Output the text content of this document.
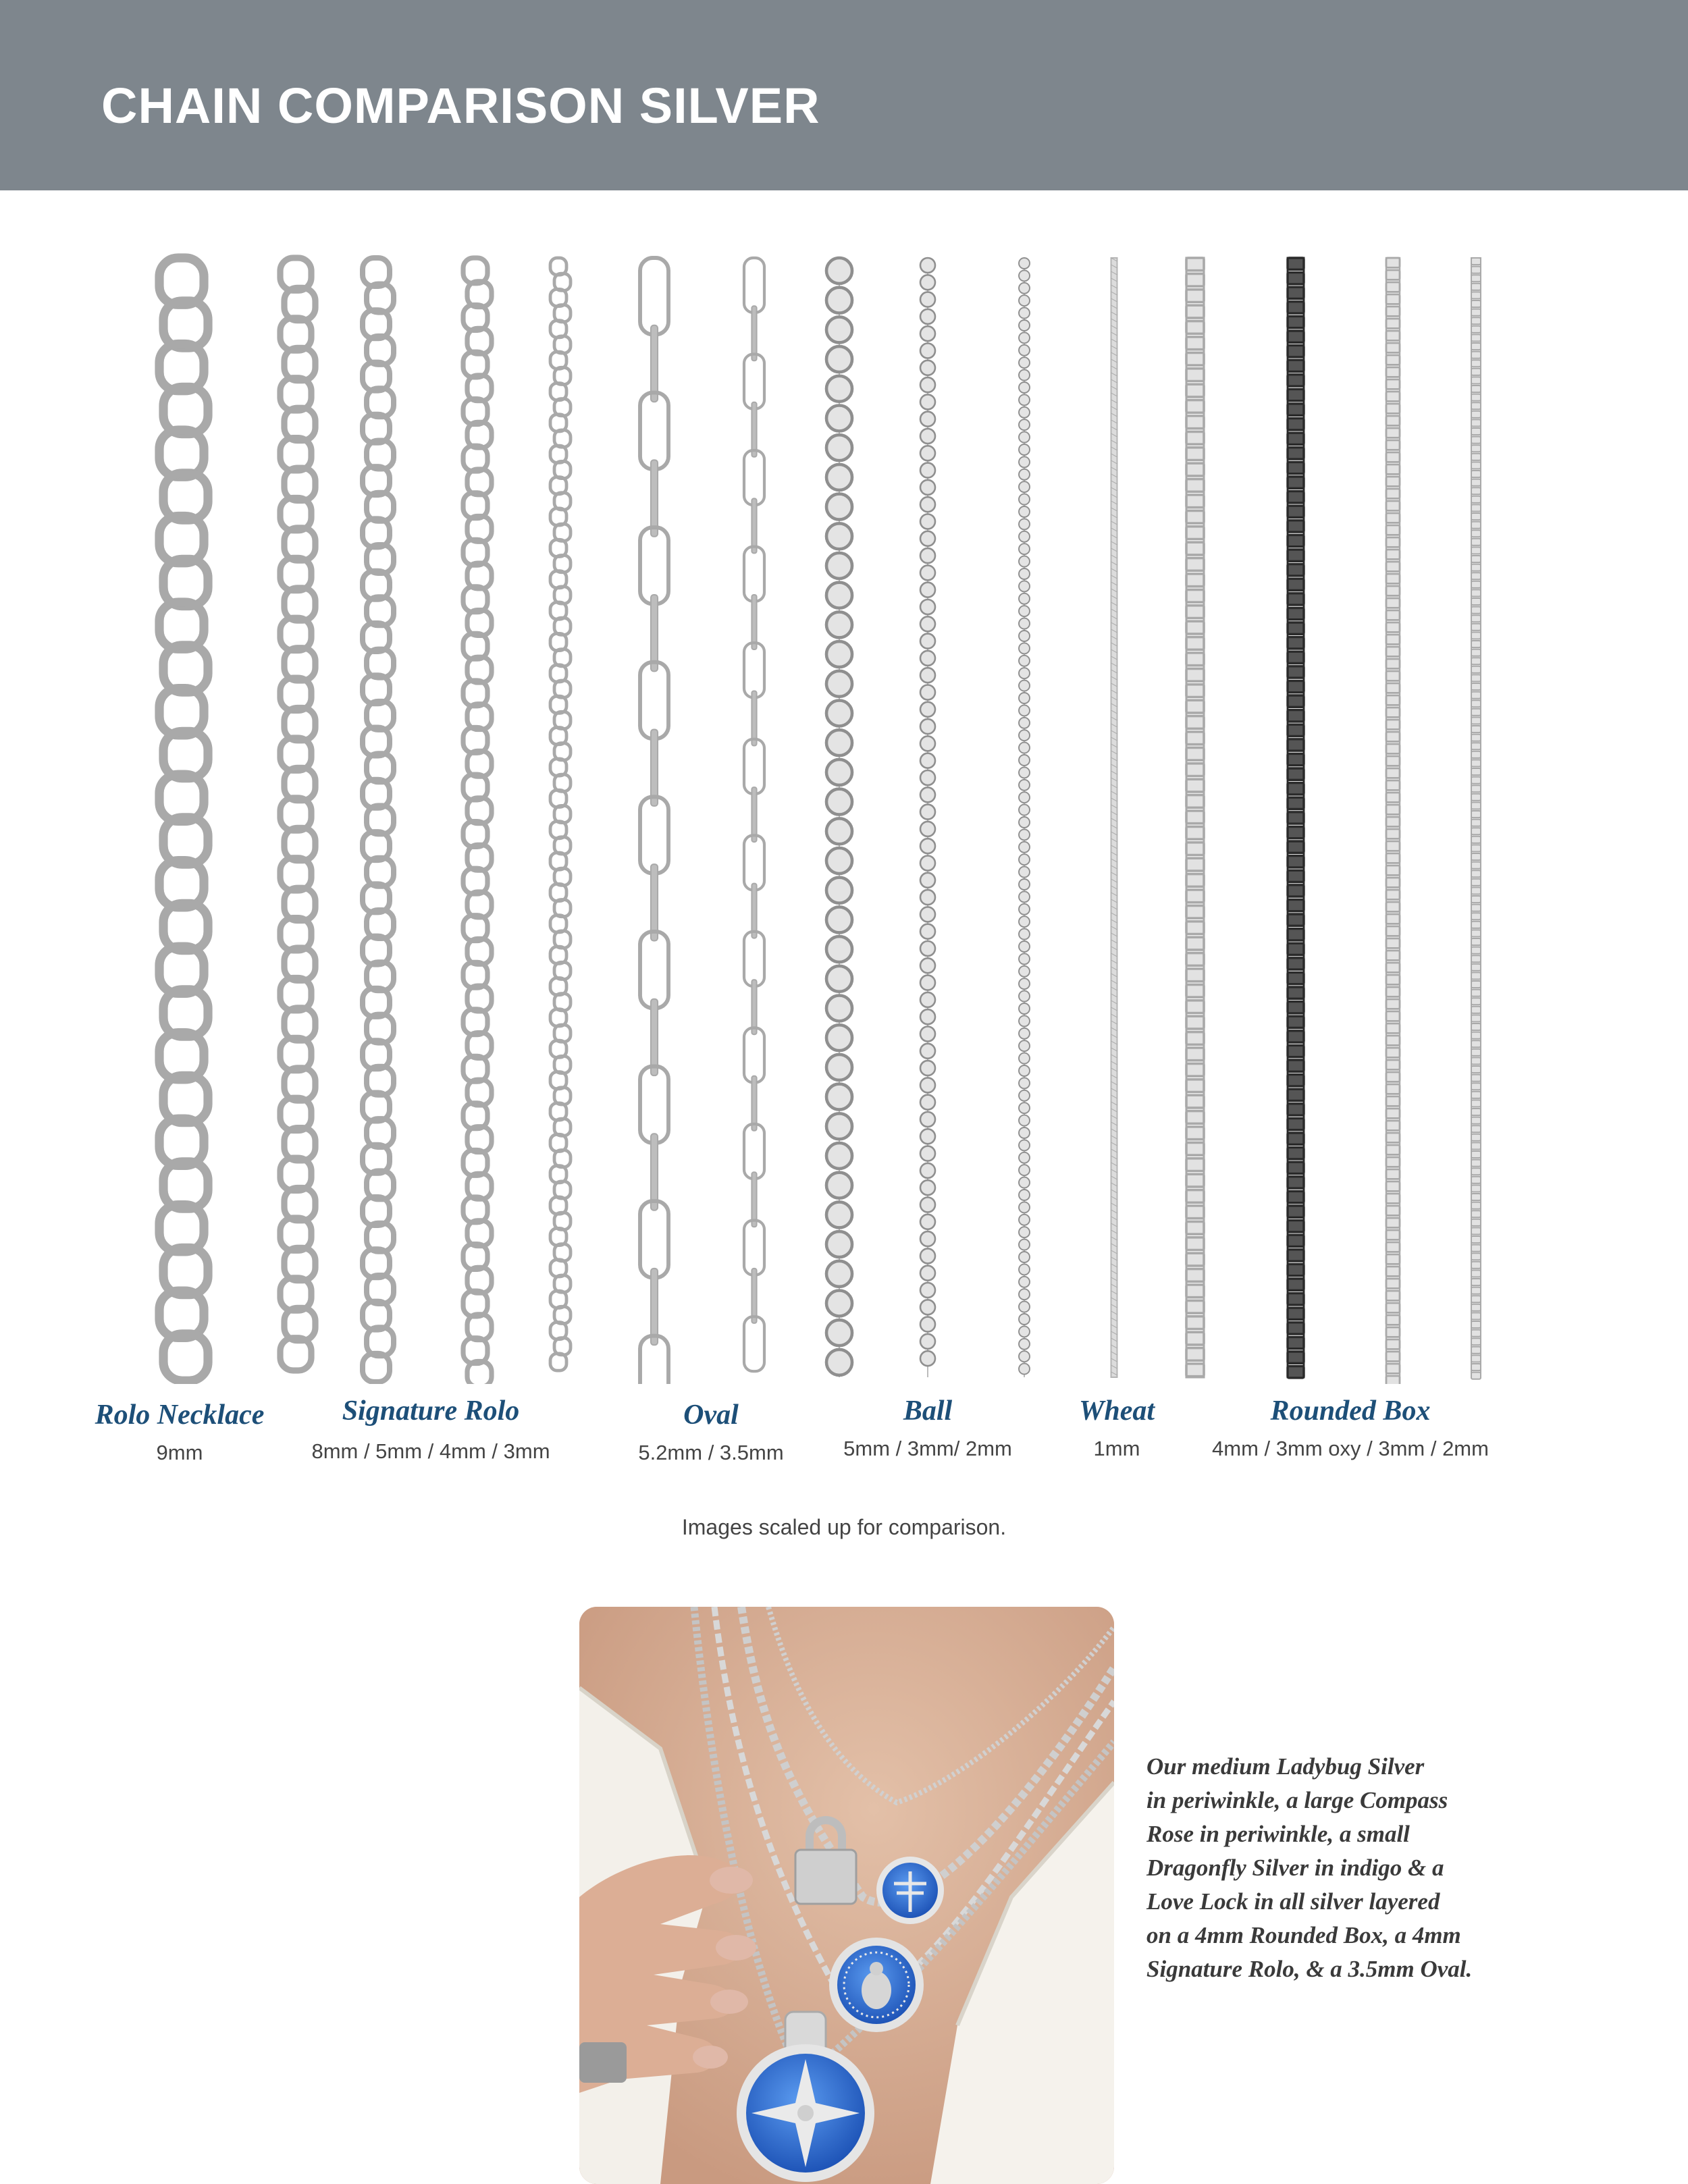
CHAIN COMPARISON SILVER
Rolo Necklace
9mm
Signature Rolo
8mm / 5mm / 4mm / 3mm
Oval
5.2mm / 3.5mm
Ball
5mm / 3mm/ 2mm
Wheat
1mm
Rounded Box
4mm / 3mm oxy / 3mm / 2mm
Images scaled up for comparison.
Our medium Ladybug Silver
in periwinkle, a large Compass
Rose in periwinkle, a small
Dragonfly Silver in indigo & a
Love Lock in all silver layered
on a 4mm Rounded Box, a 4mm
Signature Rolo, & a 3.5mm Oval.
